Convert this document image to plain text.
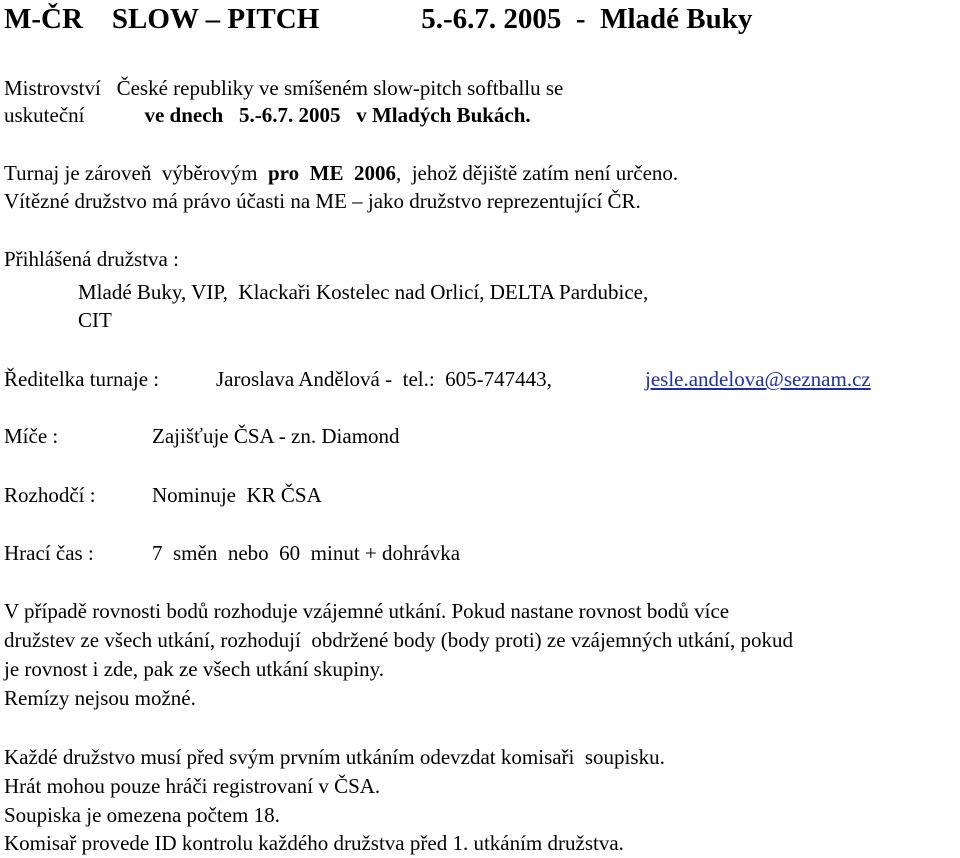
M-ČR    SLOW – PITCH	5.-6.7. 2005  -  Mladé Buky
Mistrovství   České republiky ve smíšeném slow-pitch softballu se
uskuteční	ve dnech   5.-6.7. 2005   v Mladých Bukách.
Turnaj je zároveň  výběrovým  pro  ME  2006,  jehož dějiště zatím není určeno.
Vítězné družstvo má právo účasti na ME – jako družstvo reprezentující ČR.
Přihlášená družstva :
Mladé Buky, VIP,  Klackaři Kostelec nad Orlicí, DELTA Pardubice,
CIT
Ředitelka turnaje :	Jaroslava Andělová -  tel.:  605-747443,	jesle.andelova@seznam.cz
Míče :	Zajišťuje ČSA - zn. Diamond
Rozhodčí :	Nominuje  KR ČSA
Hrací čas :	7  směn  nebo  60  minut + dohrávka
V případě rovnosti bodů rozhoduje vzájemné utkání. Pokud nastane rovnost bodů více
družstev ze všech utkání, rozhodují  obdržené body (body proti) ze vzájemných utkání, pokud
je rovnost i zde, pak ze všech utkání skupiny.
Remízy nejsou možné.
Každé družstvo musí před svým prvním utkáním odevzdat komisaři  soupisku.
Hrát mohou pouze hráči registrovaní v ČSA.
Soupiska je omezena počtem 18.
Komisař provede ID kontrolu každého družstva před 1. utkáním družstva.
